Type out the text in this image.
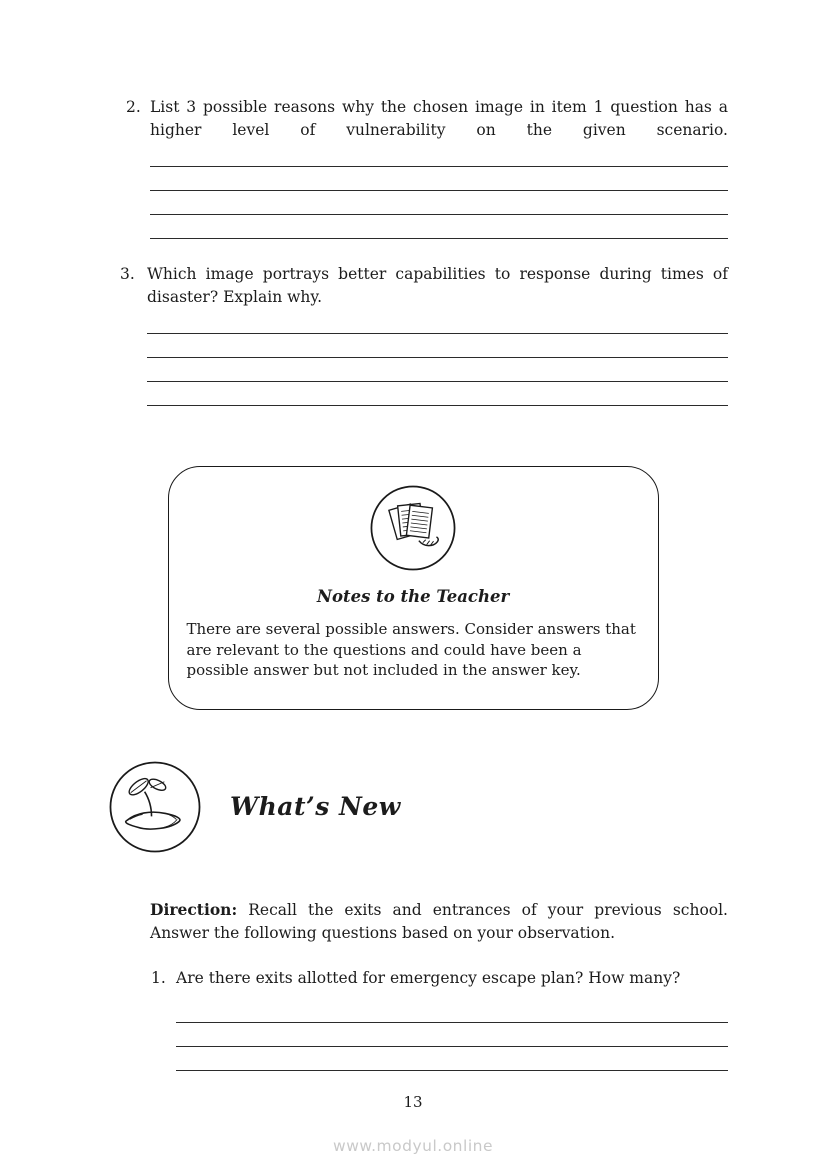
2. List 3 possible reasons why the chosen image in item 1 question has a higher level of vulnerability on the given scenario.

3. Which image portrays better capabilities to response during times of disaster? Explain why.

Notes to the Teacher

There are several possible answers. Consider answers that are relevant to the questions and could have been a possible answer but not included in the answer key.

What’s New

Direction: Recall the exits and entrances of your previous school. Answer the following questions based on your observation.

1. Are there exits allotted for emergency escape plan? How many?

13
www.modyul.online
